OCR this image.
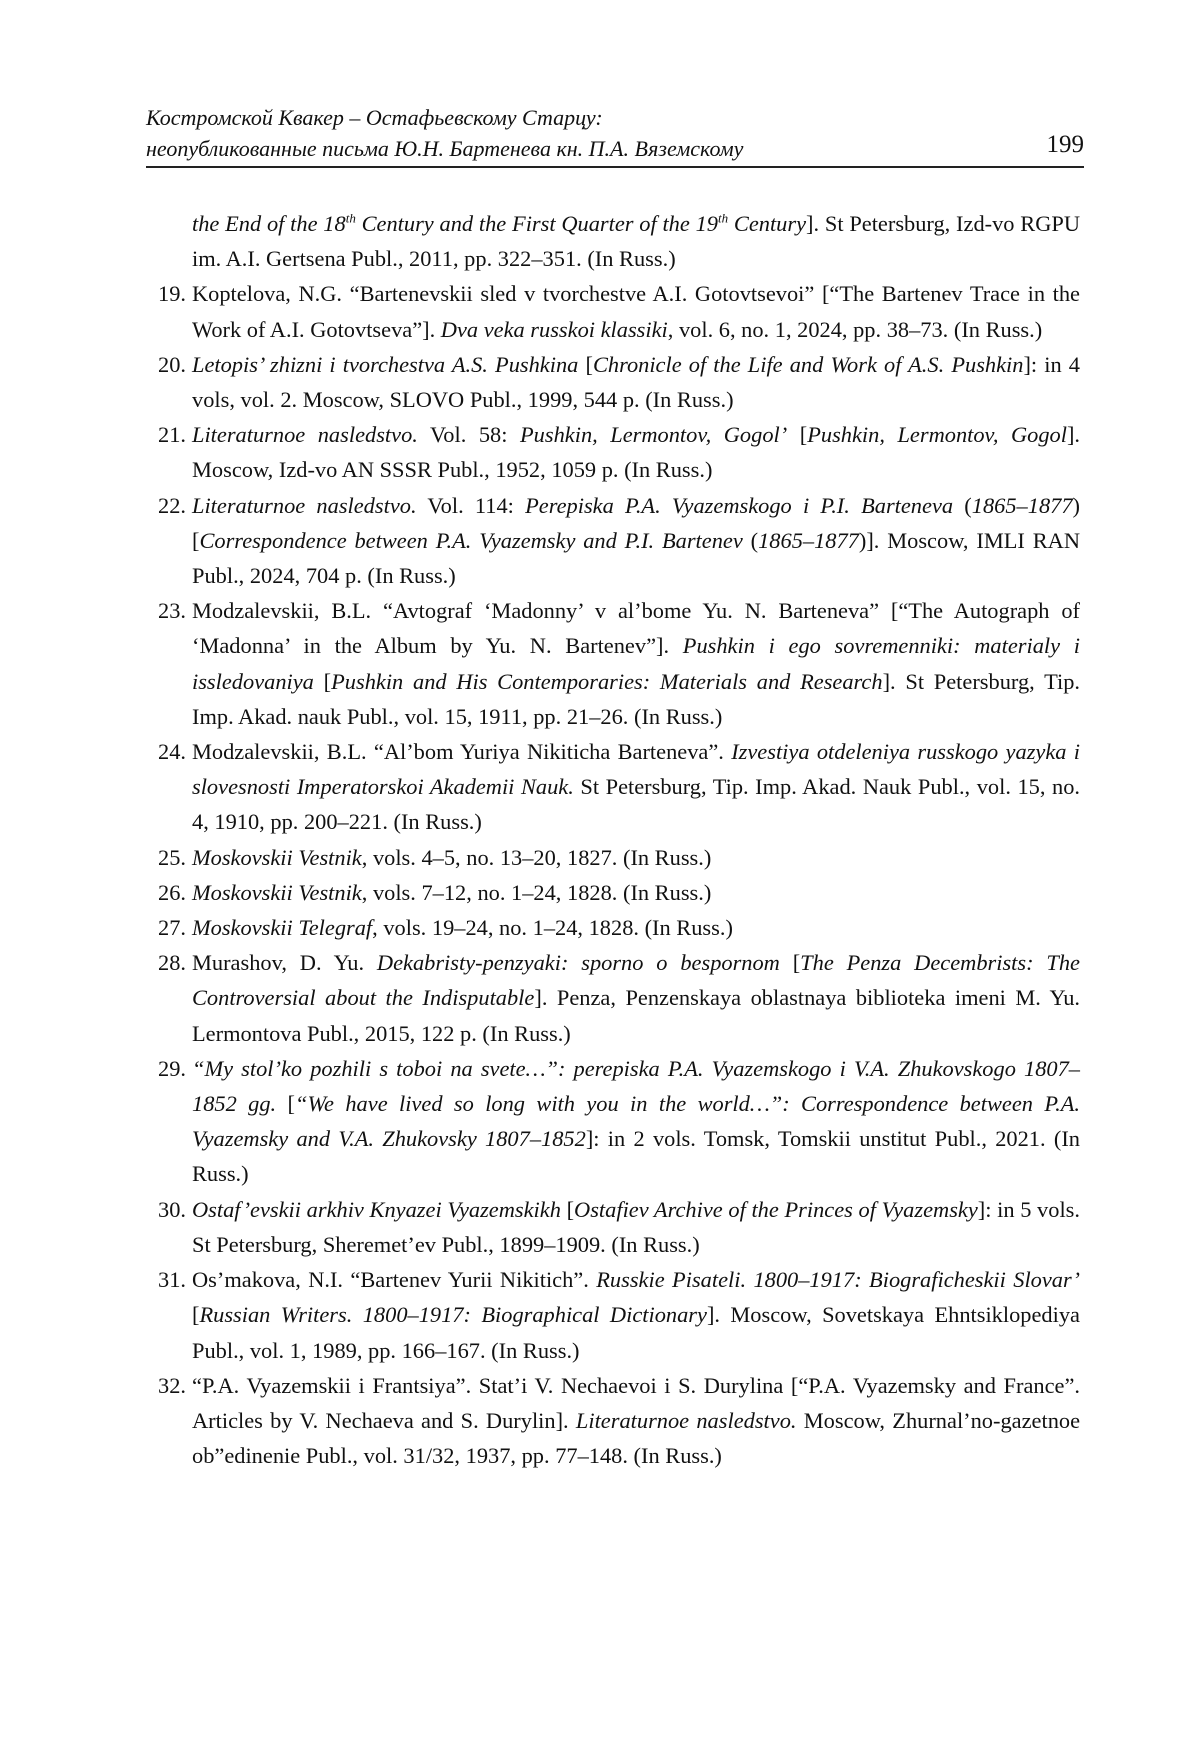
Костромской Квакер – Остафьевскому Старцу:
неопубликованные письма Ю.Н. Бартенева кн. П.А. Вяземскому	199
the End of the 18th Century and the First Quarter of the 19th Century]. St Petersburg, Izd-vo RGPU im. A.I. Gertsena Publ., 2011, pp. 322–351. (In Russ.)
19. Koptelova, N.G. “Bartenevskii sled v tvorchestve A.I. Gotovtsevoi” [“The Bartenev Trace in the Work of A.I. Gotovtseva”]. Dva veka russkoi klassiki, vol. 6, no. 1, 2024, pp. 38–73. (In Russ.)
20. Letopis’ zhizni i tvorchestva A.S. Pushkina [Chronicle of the Life and Work of A.S. Pushkin]: in 4 vols, vol. 2. Moscow, SLOVO Publ., 1999, 544 p. (In Russ.)
21. Literaturnoe nasledstvo. Vol. 58: Pushkin, Lermontov, Gogol’ [Pushkin, Lermontov, Gogol]. Moscow, Izd-vo AN SSSR Publ., 1952, 1059 p. (In Russ.)
22. Literaturnoe nasledstvo. Vol. 114: Perepiska P.A. Vyazemskogo i P.I. Barteneva (1865–1877) [Correspondence between P.A. Vyazemsky and P.I. Bartenev (1865–1877)]. Moscow, IMLI RAN Publ., 2024, 704 p. (In Russ.)
23. Modzalevskii, B.L. “Avtograf ‘Madonny’ v al’bome Yu. N. Barteneva” [“The Autograph of ‘Madonna’ in the Album by Yu. N. Bartenev”]. Pushkin i ego sovremenniki: materialy i issledovaniya [Pushkin and His Contemporaries: Materials and Research]. St Petersburg, Tip. Imp. Akad. nauk Publ., vol. 15, 1911, pp. 21–26. (In Russ.)
24. Modzalevskii, B.L. “Al’bom Yuriya Nikiticha Barteneva”. Izvestiya otdeleniya russkogo yazyka i slovesnosti Imperatorskoi Akademii Nauk. St Petersburg, Tip. Imp. Akad. Nauk Publ., vol. 15, no. 4, 1910, pp. 200–221. (In Russ.)
25. Moskovskii Vestnik, vols. 4–5, no. 13–20, 1827. (In Russ.)
26. Moskovskii Vestnik, vols. 7–12, no. 1–24, 1828. (In Russ.)
27. Moskovskii Telegraf, vols. 19–24, no. 1–24, 1828. (In Russ.)
28. Murashov, D. Yu. Dekabristy-penzyaki: sporno o bespornom [The Penza Decembrists: The Controversial about the Indisputable]. Penza, Penzenskaya oblastnaya biblioteka imeni M. Yu. Lermontova Publ., 2015, 122 p. (In Russ.)
29. “My stol’ko pozhili s toboi na svete…”: perepiska P.A. Vyazemskogo i V.A. Zhukovskogo 1807–1852 gg. [“We have lived so long with you in the world…”: Correspondence between P.A. Vyazemsky and V.A. Zhukovsky 1807–1852]: in 2 vols. Tomsk, Tomskii unstitut Publ., 2021. (In Russ.)
30. Ostaf’evskii arkhiv Knyazei Vyazemskikh [Ostafiev Archive of the Princes of Vyazemsky]: in 5 vols. St Petersburg, Sheremet’ev Publ., 1899–1909. (In Russ.)
31. Os’makova, N.I. “Bartenev Yurii Nikitich”. Russkie Pisateli. 1800–1917: Biograficheskii Slovar’ [Russian Writers. 1800–1917: Biographical Dictionary]. Moscow, Sovetskaya Ehntsiklopediya Publ., vol. 1, 1989, pp. 166–167. (In Russ.)
32. “P.A. Vyazemskii i Frantsiya”. Stat’i V. Nechaevoi i S. Durylina [“P.A. Vyazemsky and France”. Articles by V. Nechaeva and S. Durylin]. Literaturnoe nasledstvo. Moscow, Zhurnal’no-gazetnoe ob”edinenie Publ., vol. 31/32, 1937, pp. 77–148. (In Russ.)
